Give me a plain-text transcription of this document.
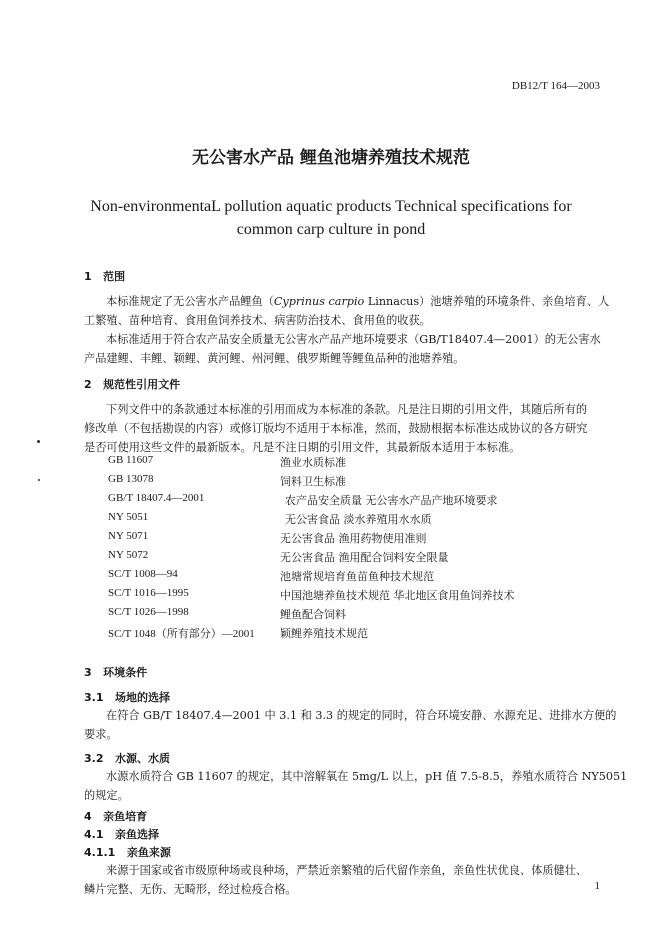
DB12/T 164—2003
无公害水产品 鲤鱼池塘养殖技术规范
Non-environmentaL pollution aquatic products Technical specifications for
common carp culture in pond
1 范围
本标准规定了无公害水产品鲤鱼（Cyprinus carpio Linnacus）池塘养殖的环境条件、亲鱼培育、人
工繁殖、苗种培育、食用鱼饲养技术、病害防治技术、食用鱼的收获。
本标准适用于符合农产品安全质量无公害水产品产地环境要求（GB/T18407.4—2001）的无公害水
产品建鲤、丰鲤、颖鲤、黄河鲤、州河鲤、俄罗斯鲤等鲤鱼品种的池塘养殖。
2 规范性引用文件
下列文件中的条款通过本标准的引用而成为本标准的条款。凡是注日期的引用文件，其随后所有的
修改单（不包括勘误的内容）或修订版均不适用于本标准，然而，鼓励根据本标准达成协议的各方研究
是否可使用这些文件的最新版本。凡是不注日期的引用文件，其最新版本适用于本标准。
GB 11607	渔业水质标准
GB 13078	饲料卫生标准
GB/T 18407.4—2001	农产品安全质量 无公害水产品产地环境要求
NY 5051	无公害食品 淡水养殖用水水质
NY 5071	无公害食品 渔用药物使用准则
NY 5072	无公害食品 渔用配合饲料安全限量
SC/T 1008—94	池塘常规培育鱼苗鱼种技术规范
SC/T 1016—1995	中国池塘养鱼技术规范 华北地区食用鱼饲养技术
SC/T 1026—1998	鲤鱼配合饲料
SC/T 1048（所有部分）—2001 颖鲤养殖技术规范
3 环境条件
3.1 场地的选择
在符合 GB/T 18407.4—2001 中 3.1 和 3.3 的规定的同时，符合环境安静、水源充足、进排水方便的
要求。
3.2 水源、水质
水源水质符合 GB 11607 的规定，其中溶解氧在 5mg/L 以上，pH 值 7.5-8.5，养殖水质符合 NY5051
的规定。
4 亲鱼培育
4.1 亲鱼选择
4.1.1 亲鱼来源
来源于国家或省市级原种场或良种场，严禁近亲繁殖的后代留作亲鱼，亲鱼性状优良、体质健壮、
鳞片完整、无伤、无畸形，经过检疫合格。	1
